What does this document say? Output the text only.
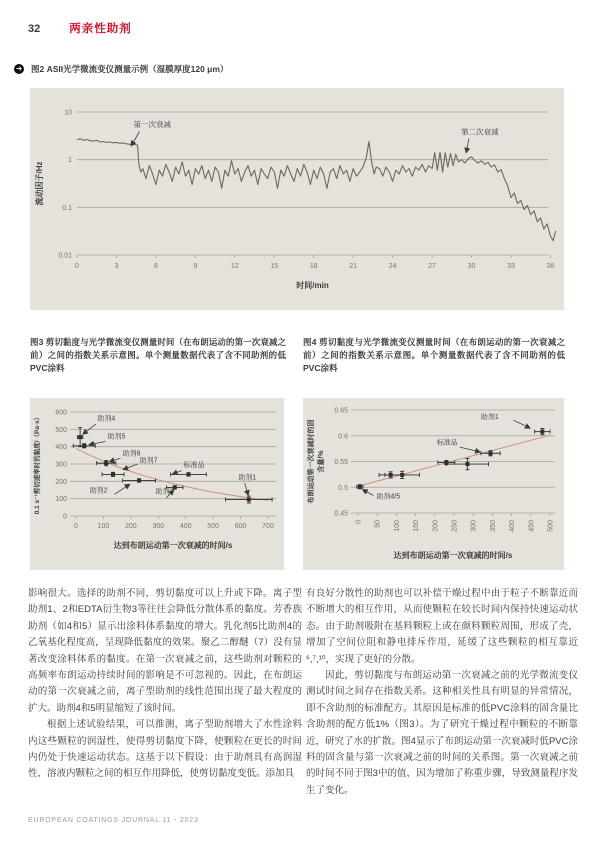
32	两亲性助剂
➜ 图2 ASII光学微流变仪测量示例（湿膜厚度120 μm）
10
1
0.1
0.01
0	3	6	9	12	15	18	21	24	27	30	33	36
时间/min
流动因子/Hz
第一次衰减
第二次衰减
图3 剪切黏度与光学微流变仪测量时间（在布朗运动的第一次衰减之前）之间的指数关系示意图。单个测量数据代表了含不同助剂的低PVC涂料
图4 剪切黏度与光学微流变仪测量时间（在布朗运动的第一次衰减之前）之间的指数关系示意图。单个测量数据代表了含不同助剂的低PVC涂料
0
100
200
300
400
500
600
0	100 200 300 400 500 600 700
达到布朗运动第一次衰减的时间/s
0.1 s⁻¹剪切速率时的黏度/（Pa·s）	助剂4
助剂5
助剂6
助剂7
标准品
助剂1
助剂2	助剂3
0.45
0.5
0.55
0.6
0.65
0 50 100 150 200 250 300 350 400 450 500
达到布朗运动第一次衰减的时间/s
布朗运动第一次衰减时的固 含量/%
助剂1
标准品
助剂4/5

影响很大。选择的助剂不同，剪切黏度可以上升或下降。离子型助剂1、2和EDTA衍生物3等往往会降低分散体系的黏度。芳香族助剂（如4和5）显示出涂料体系黏度的增大。乳化剂5比助剂4的乙氧基化程度高，呈现降低黏度的效果。聚乙二醇醚（7）没有显著改变涂料体系的黏度。在第一次衰减之前，这些助剂对颗粒的高频率布朗运动持续时间的影响是不可忽视的。因此，在布朗运动的第一次衰减之前，离子型助剂的线性范围出现了最大程度的扩大。助剂4和5明显缩短了该时间。

根据上述试验结果，可以推测，离子型助剂增大了水性涂料内这些颗粒的润湿性，使得剪切黏度下降，使颗粒在更长的时间内仍处于快速运动状态。这基于以下假设：由于助剂具有高润湿性，溶液内颗粒之间的相互作用降低，使剪切黏度变低。添加具

有良好分散性的助剂也可以补偿干燥过程中由于粒子不断靠近而不断增大的相互作用，从而使颗粒在较长时间内保持快速运动状态。由于助剂吸附在基料颗粒上或在颜料颗粒周围，形成了壳，增加了空间位阻和静电排斥作用，延缓了这些颗粒的相互靠近⁶,⁷,¹⁰，实现了更好的分散。

因此，剪切黏度与布朗运动第一次衰减之前的光学微流变仪测试时间之间存在指数关系。这种相关性具有明显的异常情况，即不含助剂的标准配方。其原因是标准的低PVC涂料的固含量比含助剂的配方低1%（图3）。为了研究干燥过程中颗粒的不断靠近，研究了水的扩散。图4显示了布朗运动第一次衰减时低PVC涂料的固含量与第一次衰减之前的时间的关系图。第一次衰减之前的时间不同于图3中的值，因为增加了称重步骤，导致测量程序发生了变化。

EUROPEAN COATINGS JOURNAL 11 - 2023
